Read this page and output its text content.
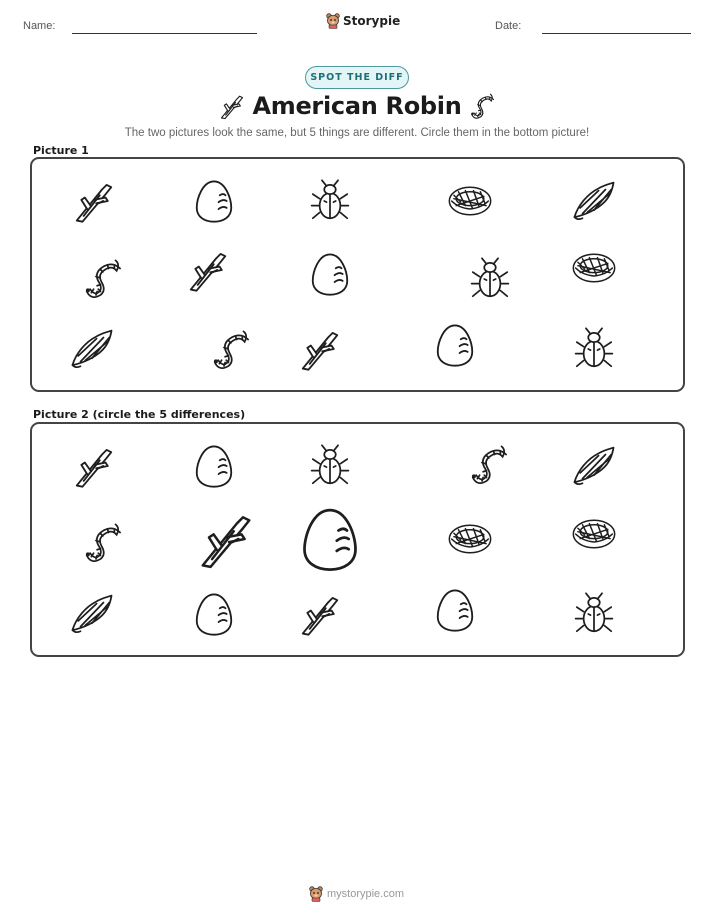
Name:	Storypie	Date:
SPOT THE DIFF
American Robin
The two pictures look the same, but 5 things are different. Circle them in the bottom picture!
Picture 1
Picture 2 (circle the 5 differences)
mystorypie.com
